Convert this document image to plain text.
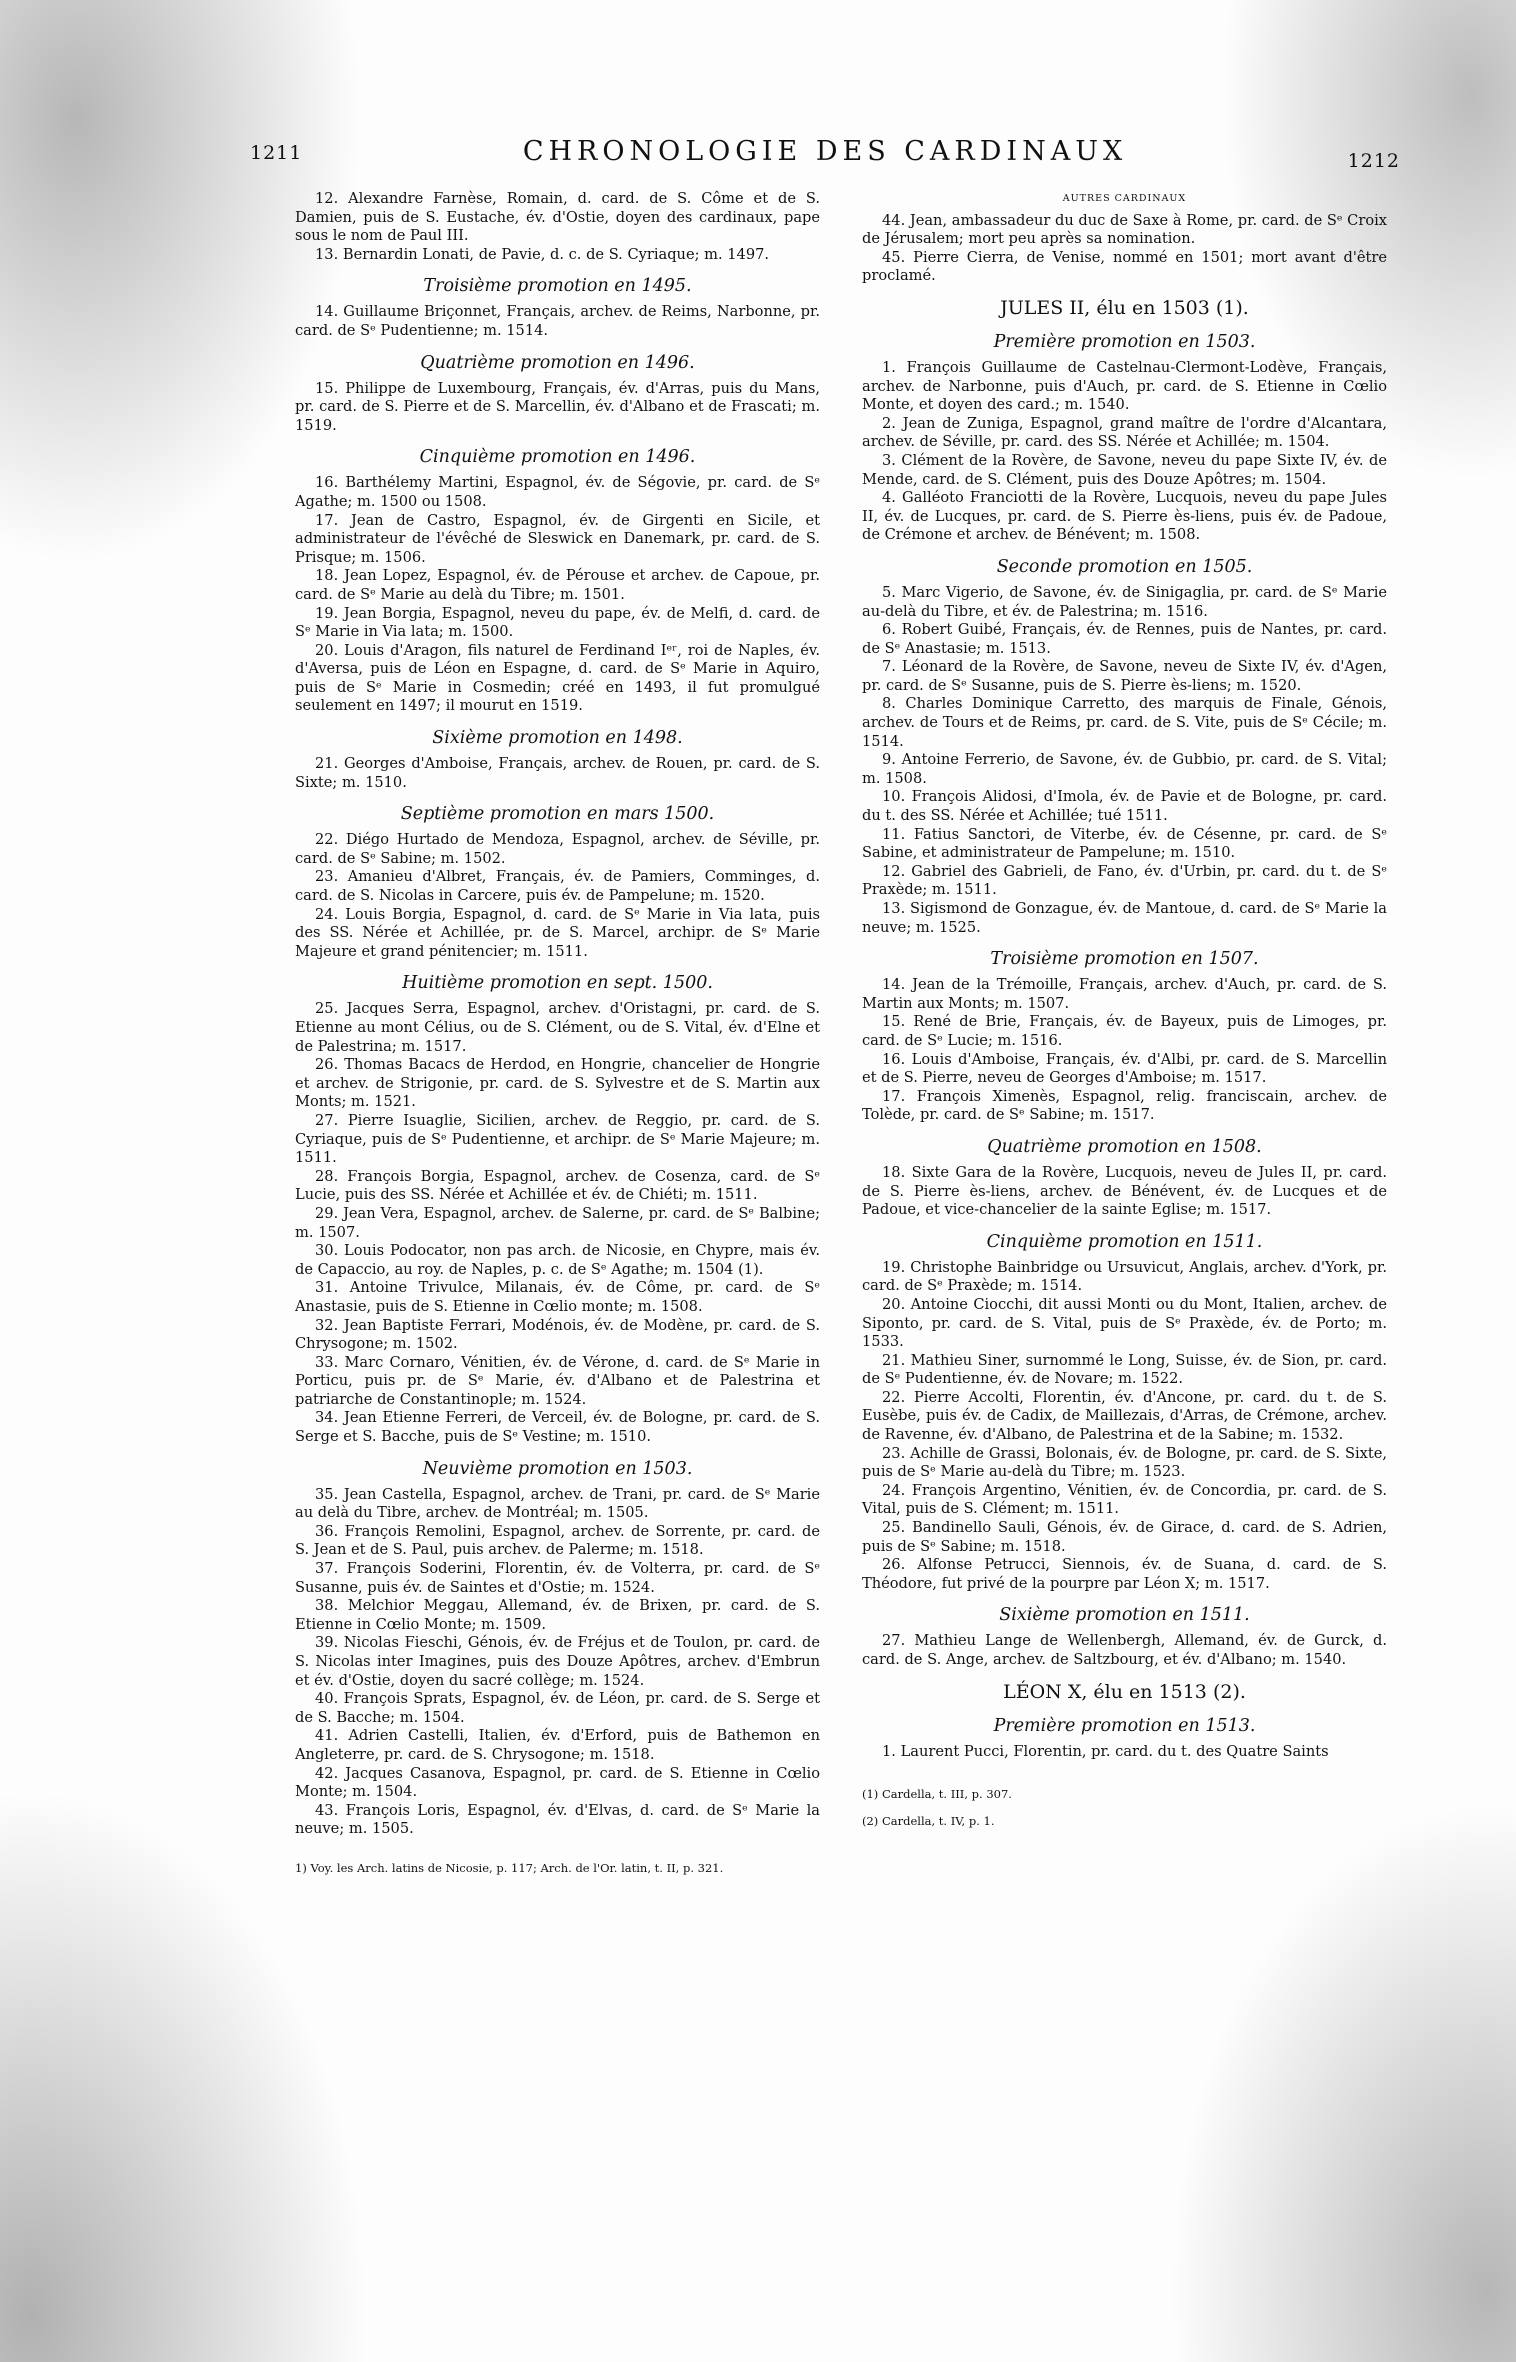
1211	CHRONOLOGIE DES CARDINAUX	1212

12. Alexandre Farnèse, Romain, d. card. de S. Côme et de S. Damien, puis de S. Eustache, év. d'Ostie, doyen des cardinaux, pape sous le nom de Paul III.

13. Bernardin Lonati, de Pavie, d. c. de S. Cyriaque; m. 1497.

Troisième promotion en 1495.

14. Guillaume Briçonnet, Français, archev. de Reims, Narbonne, pr. card. de Sᵉ Pudentienne; m. 1514.

Quatrième promotion en 1496.

15. Philippe de Luxembourg, Français, év. d'Arras, puis du Mans, pr. card. de S. Pierre et de S. Marcellin, év. d'Albano et de Frascati; m. 1519.

Cinquième promotion en 1496.

16. Barthélemy Martini, Espagnol, év. de Ségovie, pr. card. de Sᵉ Agathe; m. 1500 ou 1508.

17. Jean de Castro, Espagnol, év. de Girgenti en Sicile, et administrateur de l'évêché de Sleswick en Danemark, pr. card. de S. Prisque; m. 1506.

18. Jean Lopez, Espagnol, év. de Pérouse et archev. de Capoue, pr. card. de Sᵉ Marie au delà du Tibre; m. 1501.

19. Jean Borgia, Espagnol, neveu du pape, év. de Melfi, d. card. de Sᵉ Marie in Via lata; m. 1500.

20. Louis d'Aragon, fils naturel de Ferdinand Iᵉʳ, roi de Naples, év. d'Aversa, puis de Léon en Espagne, d. card. de Sᵉ Marie in Aquiro, puis de Sᵉ Marie in Cosmedin; créé en 1493, il fut promulgué seulement en 1497; il mourut en 1519.

Sixième promotion en 1498.

21. Georges d'Amboise, Français, archev. de Rouen, pr. card. de S. Sixte; m. 1510.

Septième promotion en mars 1500.

22. Diégo Hurtado de Mendoza, Espagnol, archev. de Séville, pr. card. de Sᵉ Sabine; m. 1502.

23. Amanieu d'Albret, Français, év. de Pamiers, Comminges, d. card. de S. Nicolas in Carcere, puis év. de Pampelune; m. 1520.

24. Louis Borgia, Espagnol, d. card. de Sᵉ Marie in Via lata, puis des SS. Nérée et Achillée, pr. de S. Marcel, archipr. de Sᵉ Marie Majeure et grand pénitencier; m. 1511.

Huitième promotion en sept. 1500.

25. Jacques Serra, Espagnol, archev. d'Oristagni, pr. card. de S. Etienne au mont Célius, ou de S. Clément, ou de S. Vital, év. d'Elne et de Palestrina; m. 1517.

26. Thomas Bacacs de Herdod, en Hongrie, chancelier de Hongrie et archev. de Strigonie, pr. card. de S. Sylvestre et de S. Martin aux Monts; m. 1521.

27. Pierre Isuaglie, Sicilien, archev. de Reggio, pr. card. de S. Cyriaque, puis de Sᵉ Pudentienne, et archipr. de Sᵉ Marie Majeure; m. 1511.

28. François Borgia, Espagnol, archev. de Cosenza, card. de Sᵉ Lucie, puis des SS. Nérée et Achillée et év. de Chiéti; m. 1511.

29. Jean Vera, Espagnol, archev. de Salerne, pr. card. de Sᵉ Balbine; m. 1507.

30. Louis Podocator, non pas arch. de Nicosie, en Chypre, mais év. de Capaccio, au roy. de Naples, p. c. de Sᵉ Agathe; m. 1504 (1).

31. Antoine Trivulce, Milanais, év. de Côme, pr. card. de Sᵉ Anastasie, puis de S. Etienne in Cœlio monte; m. 1508.

32. Jean Baptiste Ferrari, Modénois, év. de Modène, pr. card. de S. Chrysogone; m. 1502.

33. Marc Cornaro, Vénitien, év. de Vérone, d. card. de Sᵉ Marie in Porticu, puis pr. de Sᵉ Marie, év. d'Albano et de Palestrina et patriarche de Constantinople; m. 1524.

34. Jean Etienne Ferreri, de Verceil, év. de Bologne, pr. card. de S. Serge et S. Bacche, puis de Sᵉ Vestine; m. 1510.

Neuvième promotion en 1503.

35. Jean Castella, Espagnol, archev. de Trani, pr. card. de Sᵉ Marie au delà du Tibre, archev. de Montréal; m. 1505.

36. François Remolini, Espagnol, archev. de Sorrente, pr. card. de S. Jean et de S. Paul, puis archev. de Palerme; m. 1518.

37. François Soderini, Florentin, év. de Volterra, pr. card. de Sᵉ Susanne, puis év. de Saintes et d'Ostie; m. 1524.

38. Melchior Meggau, Allemand, év. de Brixen, pr. card. de S. Etienne in Cœlio Monte; m. 1509.

39. Nicolas Fieschi, Génois, év. de Fréjus et de Toulon, pr. card. de S. Nicolas inter Imagines, puis des Douze Apôtres, archev. d'Embrun et év. d'Ostie, doyen du sacré collège; m. 1524.

40. François Sprats, Espagnol, év. de Léon, pr. card. de S. Serge et de S. Bacche; m. 1504.

41. Adrien Castelli, Italien, év. d'Erford, puis de Bathemon en Angleterre, pr. card. de S. Chrysogone; m. 1518.

42. Jacques Casanova, Espagnol, pr. card. de S. Etienne in Cœlio Monte; m. 1504.

43. François Loris, Espagnol, év. d'Elvas, d. card. de Sᵉ Marie la neuve; m. 1505.

1) Voy. les Arch. latins de Nicosie, p. 117; Arch. de l'Or. latin, t. II, p. 321.

AUTRES CARDINAUX

44. Jean, ambassadeur du duc de Saxe à Rome, pr. card. de Sᵉ Croix de Jérusalem; mort peu après sa nomination.

45. Pierre Cierra, de Venise, nommé en 1501; mort avant d'être proclamé.

JULES II, élu en 1503 (1).

Première promotion en 1503.

1. François Guillaume de Castelnau-Clermont-Lodève, Français, archev. de Narbonne, puis d'Auch, pr. card. de S. Etienne in Cœlio Monte, et doyen des card.; m. 1540.

2. Jean de Zuniga, Espagnol, grand maître de l'ordre d'Alcantara, archev. de Séville, pr. card. des SS. Nérée et Achillée; m. 1504.

3. Clément de la Rovère, de Savone, neveu du pape Sixte IV, év. de Mende, card. de S. Clément, puis des Douze Apôtres; m. 1504.

4. Galléoto Franciotti de la Rovère, Lucquois, neveu du pape Jules II, év. de Lucques, pr. card. de S. Pierre ès-liens, puis év. de Padoue, de Crémone et archev. de Bénévent; m. 1508.

Seconde promotion en 1505.

5. Marc Vigerio, de Savone, év. de Sinigaglia, pr. card. de Sᵉ Marie au-delà du Tibre, et év. de Palestrina; m. 1516.

6. Robert Guibé, Français, év. de Rennes, puis de Nantes, pr. card. de Sᵉ Anastasie; m. 1513.

7. Léonard de la Rovère, de Savone, neveu de Sixte IV, év. d'Agen, pr. card. de Sᵉ Susanne, puis de S. Pierre ès-liens; m. 1520.

8. Charles Dominique Carretto, des marquis de Finale, Génois, archev. de Tours et de Reims, pr. card. de S. Vite, puis de Sᵉ Cécile; m. 1514.

9. Antoine Ferrerio, de Savone, év. de Gubbio, pr. card. de S. Vital; m. 1508.

10. François Alidosi, d'Imola, év. de Pavie et de Bologne, pr. card. du t. des SS. Nérée et Achillée; tué 1511.

11. Fatius Sanctori, de Viterbe, év. de Césenne, pr. card. de Sᵉ Sabine, et administrateur de Pampelune; m. 1510.

12. Gabriel des Gabrieli, de Fano, év. d'Urbin, pr. card. du t. de Sᵉ Praxède; m. 1511.

13. Sigismond de Gonzague, év. de Mantoue, d. card. de Sᵉ Marie la neuve; m. 1525.

Troisième promotion en 1507.

14. Jean de la Trémoille, Français, archev. d'Auch, pr. card. de S. Martin aux Monts; m. 1507.

15. René de Brie, Français, év. de Bayeux, puis de Limoges, pr. card. de Sᵉ Lucie; m. 1516.

16. Louis d'Amboise, Français, év. d'Albi, pr. card. de S. Marcellin et de S. Pierre, neveu de Georges d'Amboise; m. 1517.

17. François Ximenès, Espagnol, relig. franciscain, archev. de Tolède, pr. card. de Sᵉ Sabine; m. 1517.

Quatrième promotion en 1508.

18. Sixte Gara de la Rovère, Lucquois, neveu de Jules II, pr. card. de S. Pierre ès-liens, archev. de Bénévent, év. de Lucques et de Padoue, et vice-chancelier de la sainte Eglise; m. 1517.

Cinquième promotion en 1511.

19. Christophe Bainbridge ou Ursuvicut, Anglais, archev. d'York, pr. card. de Sᵉ Praxède; m. 1514.

20. Antoine Ciocchi, dit aussi Monti ou du Mont, Italien, archev. de Siponto, pr. card. de S. Vital, puis de Sᵉ Praxède, év. de Porto; m. 1533.

21. Mathieu Siner, surnommé le Long, Suisse, év. de Sion, pr. card. de Sᵉ Pudentienne, év. de Novare; m. 1522.

22. Pierre Accolti, Florentin, év. d'Ancone, pr. card. du t. de S. Eusèbe, puis év. de Cadix, de Maillezais, d'Arras, de Crémone, archev. de Ravenne, év. d'Albano, de Palestrina et de la Sabine; m. 1532.

23. Achille de Grassi, Bolonais, év. de Bologne, pr. card. de S. Sixte, puis de Sᵉ Marie au-delà du Tibre; m. 1523.

24. François Argentino, Vénitien, év. de Concordia, pr. card. de S. Vital, puis de S. Clément; m. 1511.

25. Bandinello Sauli, Génois, év. de Girace, d. card. de S. Adrien, puis de Sᵉ Sabine; m. 1518.

26. Alfonse Petrucci, Siennois, év. de Suana, d. card. de S. Théodore, fut privé de la pourpre par Léon X; m. 1517.

Sixième promotion en 1511.

27. Mathieu Lange de Wellenbergh, Allemand, év. de Gurck, d. card. de S. Ange, archev. de Saltzbourg, et év. d'Albano; m. 1540.

LÉON X, élu en 1513 (2).

Première promotion en 1513.

1. Laurent Pucci, Florentin, pr. card. du t. des Quatre Saints

(1) Cardella, t. III, p. 307.

(2) Cardella, t. IV, p. 1.
